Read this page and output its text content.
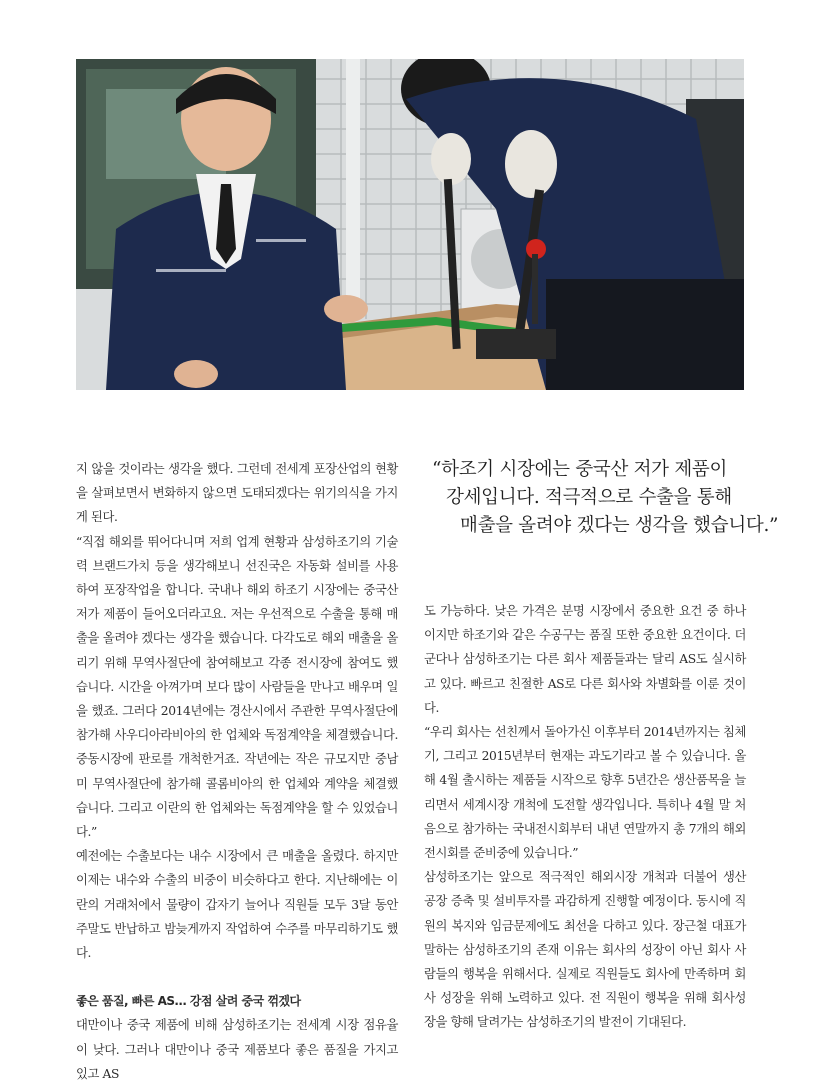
“하조기 시장에는 중국산 저가 제품이
강세입니다. 적극적으로 수출을 통해
매출을 올려야 겠다는 생각을 했습니다.”

지 않을 것이라는 생각을 했다. 그런데 전세계 포장산업의 현황을 살펴보면서 변화하지 않으면 도태되겠다는 위기의식을 가지게 된다.

“직접 해외를 뛰어다니며 저희 업계 현황과 삼성하조기의 기술력 브랜드가치 등을 생각해보니 선진국은 자동화 설비를 사용하여 포장작업을 합니다. 국내나 해외 하조기 시장에는 중국산 저가 제품이 들어오더라고요. 저는 우선적으로 수출을 통해 매출을 올려야 겠다는 생각을 했습니다. 다각도로 해외 매출을 올리기 위해 무역사절단에 참여해보고 각종 전시장에 참여도 했습니다. 시간을 아껴가며 보다 많이 사람들을 만나고 배우며 일을 했죠. 그러다 2014년에는 경산시에서 주관한 무역사절단에 참가해 사우디아라비아의 한 업체와 독점계약을 체결했습니다. 중동시장에 판로를 개척한거죠. 작년에는 작은 규모지만 중남미 무역사절단에 참가해 콜롬비아의 한 업체와 계약을 체결했습니다. 그리고 이란의 한 업체와는 독점계약을 할 수 있었습니다.”

예전에는 수출보다는 내수 시장에서 큰 매출을 올렸다. 하지만 이제는 내수와 수출의 비중이 비슷하다고 한다. 지난해에는 이란의 거래처에서 물량이 갑자기 늘어나 직원들 모두 3달 동안 주말도 반납하고 밤늦게까지 작업하여 수주를 마무리하기도 했다.

좋은 품질, 빠른 AS… 강점 살려 중국 꺾겠다

대만이나 중국 제품에 비해 삼성하조기는 전세계 시장 점유율이 낮다. 그러나 대만이나 중국 제품보다 좋은 품질을 가지고 있고 AS

도 가능하다. 낮은 가격은 분명 시장에서 중요한 요건 중 하나이지만 하조기와 같은 수공구는 품질 또한 중요한 요건이다. 더군다나 삼성하조기는 다른 회사 제품들과는 달리 AS도 실시하고 있다. 빠르고 친절한 AS로 다른 회사와 차별화를 이룬 것이다.

“우리 회사는 선친께서 돌아가신 이후부터 2014년까지는 침체기, 그리고 2015년부터 현재는 과도기라고 볼 수 있습니다. 올해 4월 출시하는 제품들 시작으로 향후 5년간은 생산품목을 늘리면서 세계시장 개척에 도전할 생각입니다. 특히나 4월 말 처음으로 참가하는 국내전시회부터 내년 연말까지 총 7개의 해외전시회를 준비중에 있습니다.”

삼성하조기는 앞으로 적극적인 해외시장 개척과 더불어 생산 공장 증축 및 설비투자를 과감하게 진행할 예정이다. 동시에 직원의 복지와 임금문제에도 최선을 다하고 있다. 장근철 대표가 말하는 삼성하조기의 존재 이유는 회사의 성장이 아닌 회사 사람들의 행복을 위해서다. 실제로 직원들도 회사에 만족하며 회사 성장을 위해 노력하고 있다. 전 직원이 행복을 위해 회사성장을 향해 달려가는 삼성하조기의 발전이 기대된다.
